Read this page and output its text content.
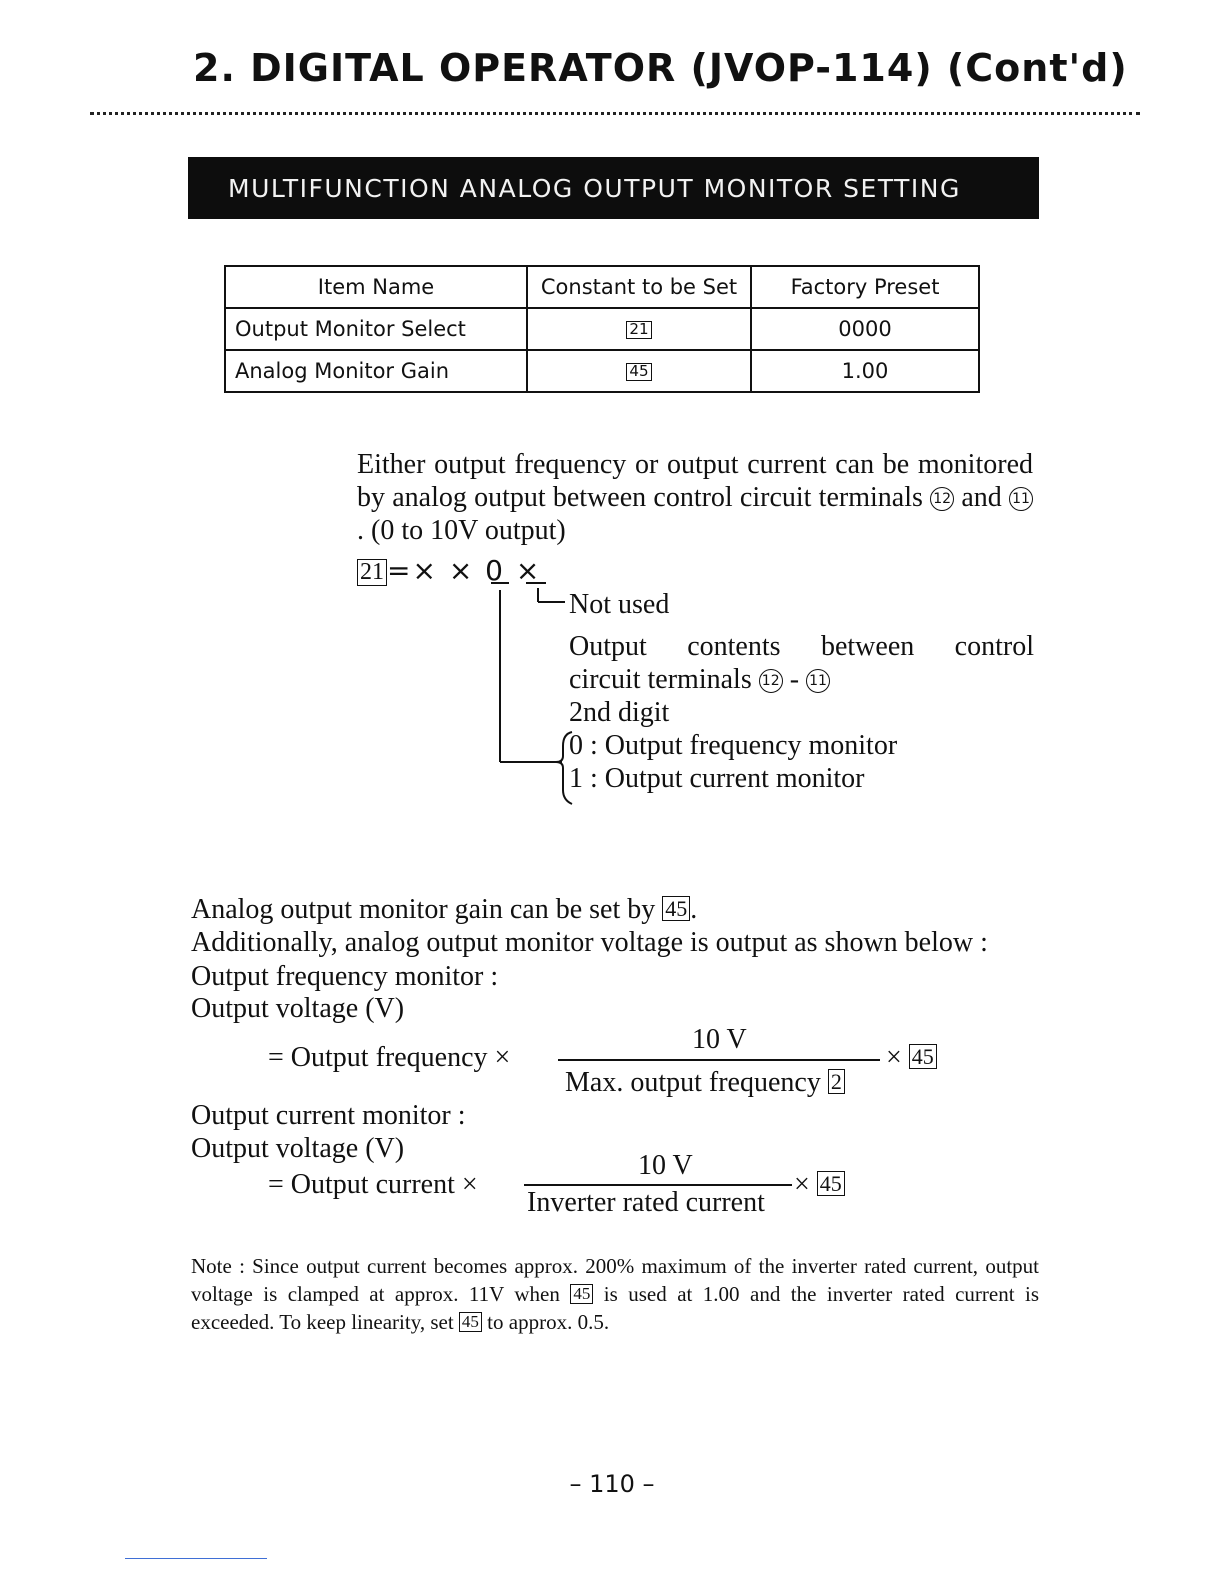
2. DIGITAL OPERATOR (JVOP-114) (Cont'd)
MULTIFUNCTION ANALOG OUTPUT MONITOR SETTING
Item Name	Constant to be Set	Factory Preset
Output Monitor Select	21	0000
Analog Monitor Gain	45	1.00
Either output frequency or output current can be monitored by analog output between control circuit terminals 12 and 11. (0 to 10V output)
21 =× × 0 ×
Not used
Output contents between control
circuit terminals 12 - 11
2nd digit
0 : Output frequency monitor
1 : Output current monitor
Analog output monitor gain can be set by 45 .
Additionally, analog output monitor voltage is output as shown below :
Output frequency monitor :
Output voltage (V)
= Output frequency ×
10 V
Max. output frequency 2
× 45
Output current monitor :
Output voltage (V)
= Output current ×
10 V
Inverter rated current
× 45
Note : Since output current becomes approx. 200% maximum of the inverter rated current, output voltage is clamped at approx. 11V when 45 is used at 1.00 and the inverter rated current is exceeded. To keep linearity, set 45 to approx. 0.5.
– 110 –
